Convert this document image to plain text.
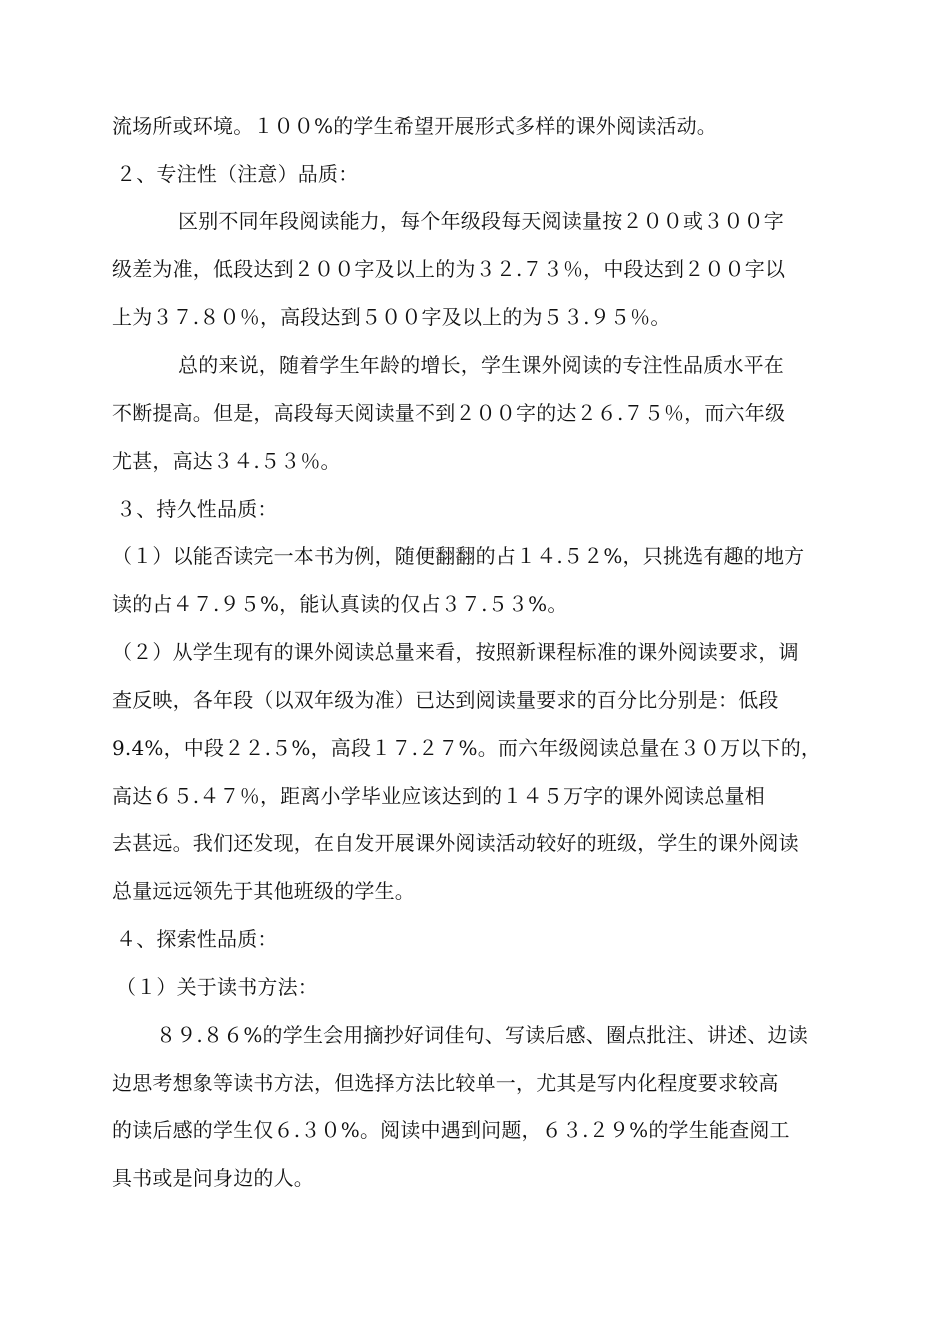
流场所或环境。１００%的学生希望开展形式多样的课外阅读活动。
２、专注性（注意）品质：
区别不同年段阅读能力，每个年级段每天阅读量按２００或３００字
级差为准，低段达到２００字及以上的为３２.７３％，中段达到２００字以
上为３７.８０％，高段达到５００字及以上的为５３.９５％。
总的来说，随着学生年龄的增长，学生课外阅读的专注性品质水平在
不断提高。但是，高段每天阅读量不到２００字的达２６.７５％，而六年级
尤甚，高达３４.５３％。
３、持久性品质：
（１）以能否读完一本书为例，随便翻翻的占１４.５２%，只挑选有趣的地方
读的占４７.９５%，能认真读的仅占３７.５３%。
（２）从学生现有的课外阅读总量来看，按照新课程标准的课外阅读要求，调
查反映，各年段（以双年级为准）已达到阅读量要求的百分比分别是：低段
9.4%，中段２２.５%，高段１７.２７%。而六年级阅读总量在３０万以下的，
高达６５.４７％，距离小学毕业应该达到的１４５万字的课外阅读总量相
去甚远。我们还发现，在自发开展课外阅读活动较好的班级，学生的课外阅读
总量远远领先于其他班级的学生。
４、探索性品质：
（１）关于读书方法：
８９.８６%的学生会用摘抄好词佳句、写读后感、圈点批注、讲述、边读
边思考想象等读书方法，但选择方法比较单一，尤其是写内化程度要求较高
的读后感的学生仅６.３０%。阅读中遇到问题，６３.２９%的学生能查阅工
具书或是问身边的人。
